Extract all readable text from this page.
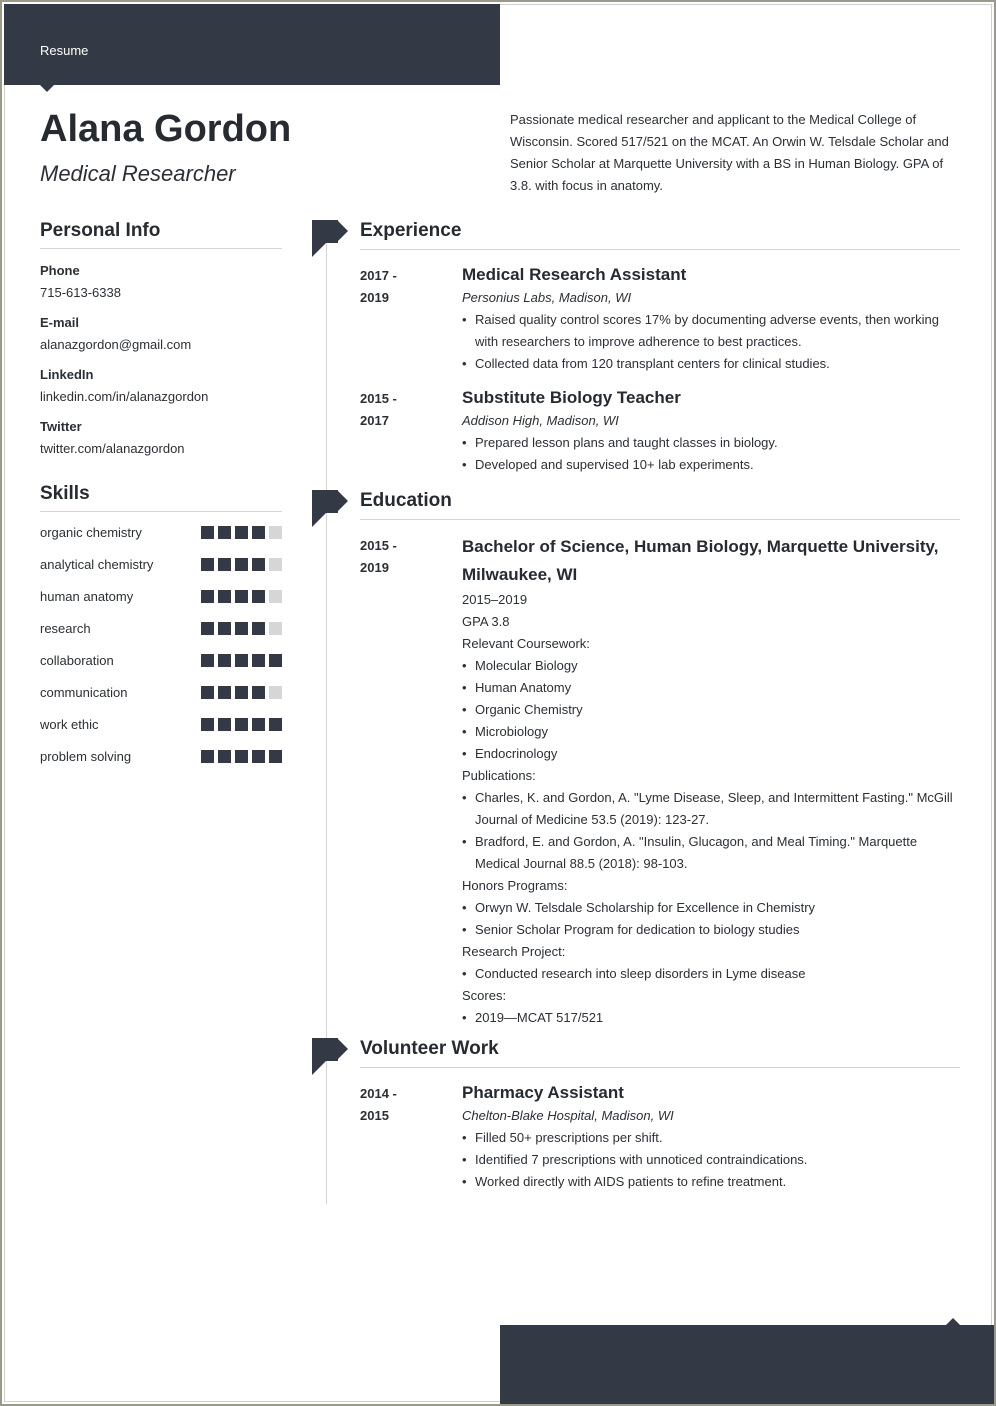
Resume
Alana Gordon
Medical Researcher
Passionate medical researcher and applicant to the Medical College of Wisconsin. Scored 517/521 on the MCAT. An Orwin W. Telsdale Scholar and Senior Scholar at Marquette University with a BS in Human Biology. GPA of 3.8. with focus in anatomy.
Personal Info
Phone
715-613-6338
E-mail
alanazgordon@gmail.com
LinkedIn
linkedin.com/in/alanazgordon
Twitter
twitter.com/alanazgordon
Skills
organic chemistry
analytical chemistry
human anatomy
research
collaboration
communication
work ethic
problem solving
Experience
2017 -
2019
Medical Research Assistant
Personius Labs, Madison, WI
• Raised quality control scores 17% by documenting adverse events, then working with researchers to improve adherence to best practices.
• Collected data from 120 transplant centers for clinical studies.
2015 -
2017
Substitute Biology Teacher
Addison High, Madison, WI
• Prepared lesson plans and taught classes in biology.
• Developed and supervised 10+ lab experiments.
Education
2015 -
2019
Bachelor of Science, Human Biology, Marquette University, Milwaukee, WI
2015–2019
GPA 3.8
Relevant Coursework:
• Molecular Biology
• Human Anatomy
• Organic Chemistry
• Microbiology
• Endocrinology
Publications:
• Charles, K. and Gordon, A. "Lyme Disease, Sleep, and Intermittent Fasting." McGill Journal of Medicine 53.5 (2019): 123-27.
• Bradford, E. and Gordon, A. "Insulin, Glucagon, and Meal Timing." Marquette Medical Journal 88.5 (2018): 98-103.
Honors Programs:
• Orwyn W. Telsdale Scholarship for Excellence in Chemistry
• Senior Scholar Program for dedication to biology studies
Research Project:
• Conducted research into sleep disorders in Lyme disease
Scores:
• 2019—MCAT 517/521
Volunteer Work
2014 -
2015
Pharmacy Assistant
Chelton-Blake Hospital, Madison, WI
• Filled 50+ prescriptions per shift.
• Identified 7 prescriptions with unnoticed contraindications.
• Worked directly with AIDS patients to refine treatment.
